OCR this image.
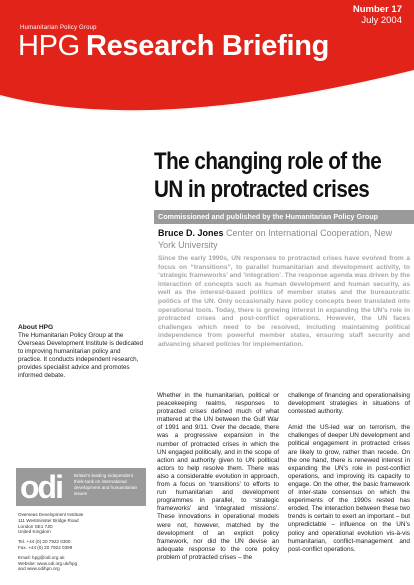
Number 17
July 2004
Humanitarian Policy Group
HPG Research Briefing
The changing role of the
UN in protracted crises
Commissioned and published by the Humanitarian Policy Group
Bruce D. Jones Center on International Cooperation, New York University
Since the early 1990s, UN responses to protracted crises have evolved from a focus on “transitions”, to parallel humanitarian and development activity, to ‘strategic frameworks’ and ‘integration’. The response agenda was driven by the interaction of concepts such as human development and human security, as well as the interest-based politics of member states and the bureaucratic politics of the UN. Only occasionally have policy concepts been translated into operational tools. Today, there is growing interest in expanding the UN’s role in protracted crises and post-conflict operations. However, the UN faces challenges which need to be resolved, including maintaining political independence from powerful member states, ensuring staff security and advancing shared policies for implementation.

Whether in the humanitarian, political or peacekeeping realms, responses to protracted crises defined much of what mattered at the UN between the Gulf War of 1991 and 9/11. Over the decade, there was a progressive expansion in the number of protracted crises in which the UN engaged politically, and in the scope of action and authority given to UN political actors to help resolve them. There was also a considerable evolution in approach, from a focus on ‘transitions’ to efforts to run humanitarian and development programmes in parallel, to ‘strategic frameworks’ and ‘integrated missions’. These innovations in operational models were not, however, matched by the development of an explicit policy framework, nor did the UN devise an adequate response to the core policy problem of protracted crises – the

challenge of financing and operationalising development strategies in situations of contested authority.

Amid the US-led war on terrorism, the challenges of deeper UN development and political engagement in protracted crises are likely to grow, rather than recede. On the one hand, there is renewed interest in expanding the UN’s role in post-conflict operations, and improving its capacity to engage. On the other, the basic framework of inter-state consensus on which the experiments of the 1990s rested has eroded. The interaction between these two trends is certain to exert an important – but unpredictable – influence on the UN’s policy and operational evolution vis-à-vis humanitarian, conflict-management and post-conflict operations.

About HPG
The Humanitarian Policy Group at the Overseas Development Institute is dedicated to improving humanitarian policy and practice. It conducts independent research, provides specialist advice and promotes informed debate.
odi	Britain’s leading independent think-tank on international development and humanitarian issues
Overseas Development Institute
111 Westminster Bridge Road
London SE1 7JD
United Kingdom
Tel. +44 (0) 20 7922 0300
Fax. +44 (0) 20 7922 0399
Email: hpg@odi.org.uk
Website: www.odi.org.uk/hpg
and www.odihpn.org
